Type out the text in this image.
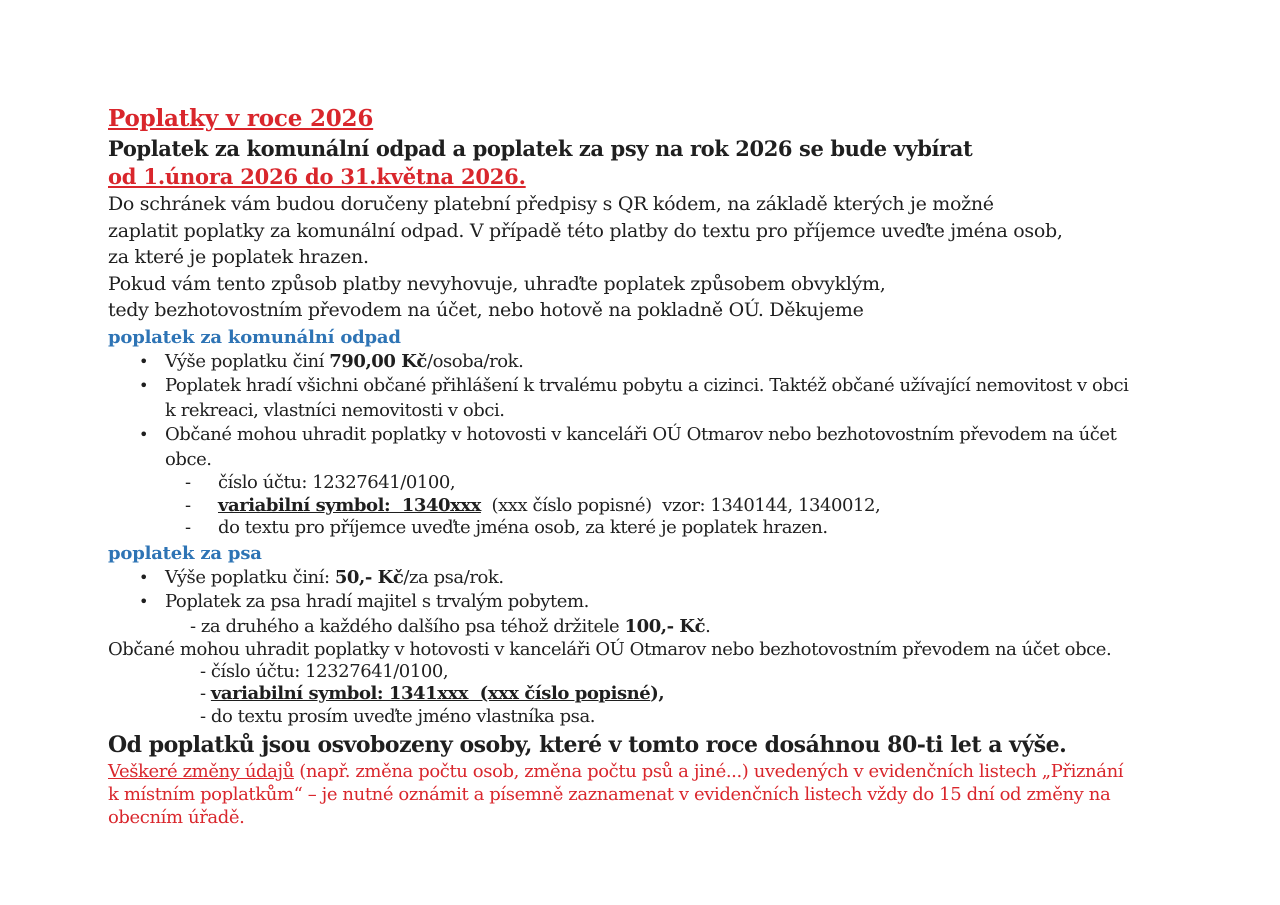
Poplatky v roce 2026
Poplatek za komunální odpad a poplatek za psy na rok 2026 se bude vybírat
od 1.února 2026 do 31.května 2026.
Do schránek vám budou doručeny platební předpisy s QR kódem, na základě kterých je možné
zaplatit poplatky za komunální odpad. V případě této platby do textu pro příjemce uveďte jména osob,
za které je poplatek hrazen.
Pokud vám tento způsob platby nevyhovuje, uhraďte poplatek způsobem obvyklým,
tedy bezhotovostním převodem na účet, nebo hotově na pokladně OÚ. Děkujeme
poplatek za komunální odpad
• Výše poplatku činí 790,00 Kč/osoba/rok.
• Poplatek hradí všichni občané přihlášení k trvalému pobytu a cizinci. Taktéž občané užívající nemovitost v obci
k rekreaci, vlastníci nemovitosti v obci.
• Občané mohou uhradit poplatky v hotovosti v kanceláři OÚ Otmarov nebo bezhotovostním převodem na účet
obce.
-	číslo účtu: 12327641/0100,
-	variabilní symbol:  1340xxx  (xxx číslo popisné)  vzor: 1340144, 1340012,
-	do textu pro příjemce uveďte jména osob, za které je poplatek hrazen.
poplatek za psa
• Výše poplatku činí: 50,- Kč/za psa/rok.
• Poplatek za psa hradí majitel s trvalým pobytem.
- za druhého a každého dalšího psa téhož držitele 100,- Kč.
Občané mohou uhradit poplatky v hotovosti v kanceláři OÚ Otmarov nebo bezhotovostním převodem na účet obce.
- číslo účtu: 12327641/0100,
- variabilní symbol: 1341xxx  (xxx číslo popisné),
- do textu prosím uveďte jméno vlastníka psa.
Od poplatků jsou osvobozeny osoby, které v tomto roce dosáhnou 80-ti let a výše.
Veškeré změny údajů (např. změna počtu osob, změna počtu psů a jiné...) uvedených v evidenčních listech „Přiznání
k místním poplatkům“ – je nutné oznámit a písemně zaznamenat v evidenčních listech vždy do 15 dní od změny na
obecním úřadě.
